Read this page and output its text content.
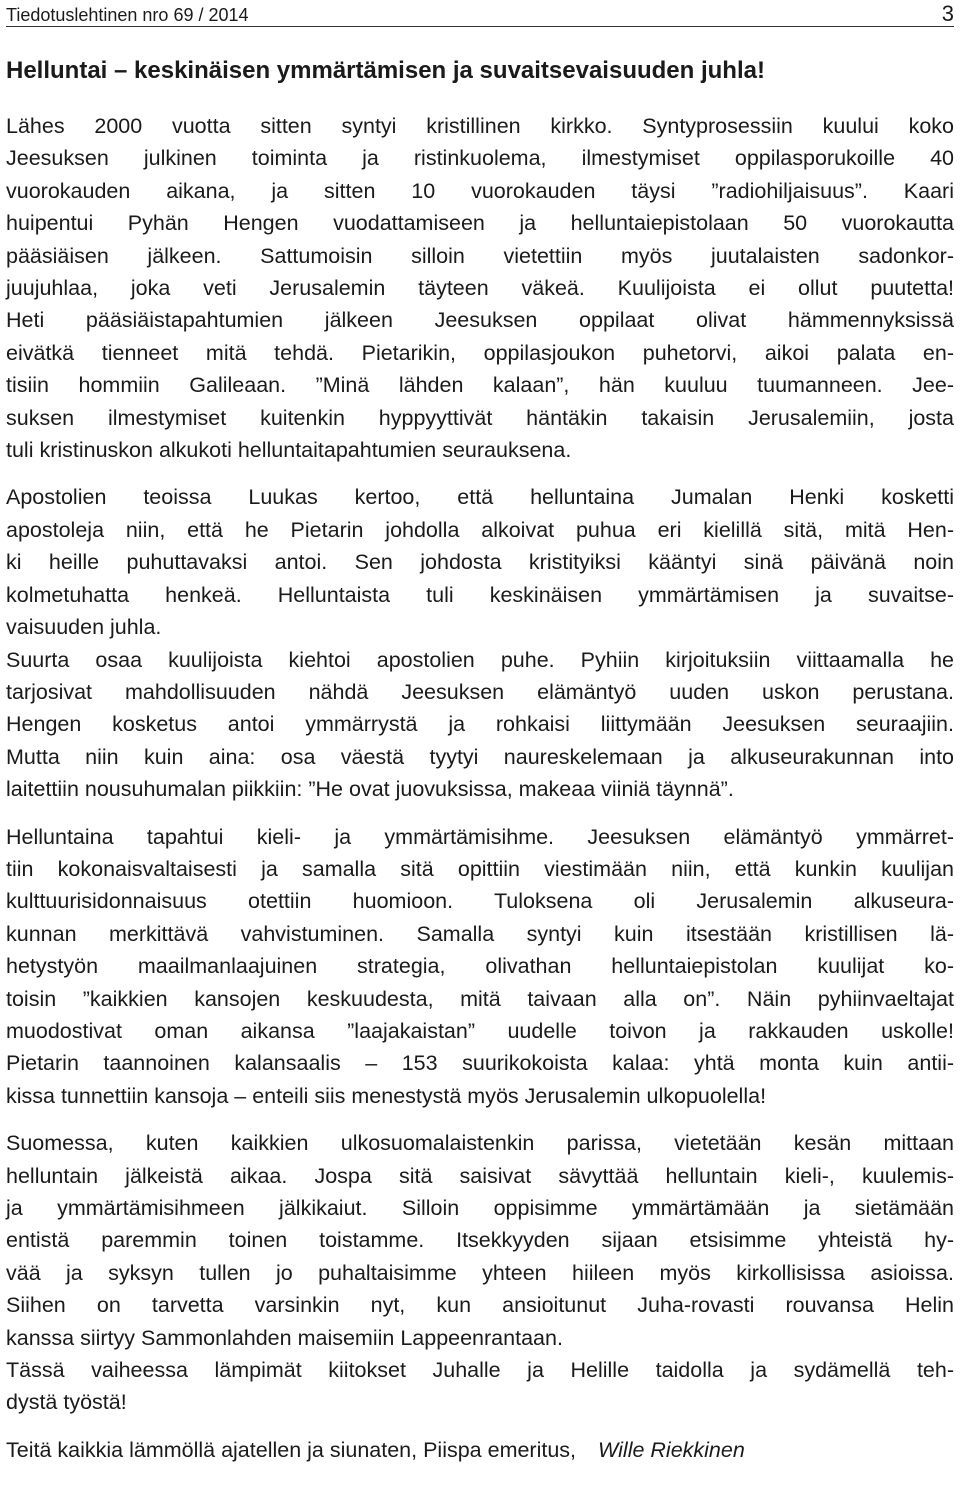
Tiedotuslehtinen nro 69 / 2014	3
Helluntai – keskinäisen ymmärtämisen ja suvaitsevaisuuden juhla!

Lähes 2000 vuotta sitten syntyi kristillinen kirkko. Syntyprosessiin kuului koko
Jeesuksen julkinen toiminta ja ristinkuolema, ilmestymiset oppilasporukoille 40
vuorokauden aikana, ja sitten 10 vuorokauden täysi ”radiohiljaisuus”. Kaari
huipentui Pyhän Hengen vuodattamiseen ja helluntaiepistolaan 50 vuorokautta
pääsiäisen jälkeen. Sattumoisin silloin vietettiin myös juutalaisten sadonkor-
juujuhlaa, joka veti Jerusalemin täyteen väkeä. Kuulijoista ei ollut puutetta!
Heti pääsiäistapahtumien jälkeen Jeesuksen oppilaat olivat hämmennyksissä
eivätkä tienneet mitä tehdä. Pietarikin, oppilasjoukon puhetorvi, aikoi palata en-
tisiin hommiin Galileaan. ”Minä lähden kalaan”, hän kuuluu tuumanneen. Jee-
suksen ilmestymiset kuitenkin hyppyyttivät häntäkin takaisin Jerusalemiin, josta
tuli kristinuskon alkukoti helluntaitapahtumien seurauksena.

Apostolien teoissa Luukas kertoo, että helluntaina Jumalan Henki kosketti
apostoleja niin, että he Pietarin johdolla alkoivat puhua eri kielillä sitä, mitä Hen-
ki heille puhuttavaksi antoi. Sen johdosta kristityiksi kääntyi sinä päivänä noin
kolmetuhatta henkeä. Helluntaista tuli keskinäisen ymmärtämisen ja suvaitse-
vaisuuden juhla.
Suurta osaa kuulijoista kiehtoi apostolien puhe. Pyhiin kirjoituksiin viittaamalla he
tarjosivat mahdollisuuden nähdä Jeesuksen elämäntyö uuden uskon perustana.
Hengen kosketus antoi ymmärrystä ja rohkaisi liittymään Jeesuksen seuraajiin.
Mutta niin kuin aina: osa väestä tyytyi naureskelemaan ja alkuseurakunnan into
laitettiin nousuhumalan piikkiin: ”He ovat juovuksissa, makeaa viiniä täynnä”.

Helluntaina tapahtui kieli- ja ymmärtämisihme. Jeesuksen elämäntyö ymmärret-
tiin kokonaisvaltaisesti ja samalla sitä opittiin viestimään niin, että kunkin kuulijan
kulttuurisidonnaisuus otettiin huomioon. Tuloksena oli Jerusalemin alkuseura-
kunnan merkittävä vahvistuminen. Samalla syntyi kuin itsestään kristillisen lä-
hetystyön maailmanlaajuinen strategia, olivathan helluntaiepistolan kuulijat ko-
toisin ”kaikkien kansojen keskuudesta, mitä taivaan alla on”. Näin pyhiinvaeltajat
muodostivat oman aikansa ”laajakaistan” uudelle toivon ja rakkauden uskolle!
Pietarin taannoinen kalansaalis – 153 suurikokoista kalaa: yhtä monta kuin antii-
kissa tunnettiin kansoja – enteili siis menestystä myös Jerusalemin ulkopuolella!

Suomessa, kuten kaikkien ulkosuomalaistenkin parissa, vietetään kesän mittaan
helluntain jälkeistä aikaa. Jospa sitä saisivat sävyttää helluntain kieli-, kuulemis-
ja ymmärtämisihmeen jälkikaiut. Silloin oppisimme ymmärtämään ja sietämään
entistä paremmin toinen toistamme. Itsekkyyden sijaan etsisimme yhteistä hy-
vää ja syksyn tullen jo puhaltaisimme yhteen hiileen myös kirkollisissa asioissa.
Siihen on tarvetta varsinkin nyt, kun ansioitunut Juha-rovasti rouvansa Helin
kanssa siirtyy Sammonlahden maisemiin Lappeenrantaan.
Tässä vaiheessa lämpimät kiitokset Juhalle ja Helille taidolla ja sydämellä teh-
dystä työstä!

Teitä kaikkia lämmöllä ajatellen ja siunaten, Piispa emeritus, Wille Riekkinen
